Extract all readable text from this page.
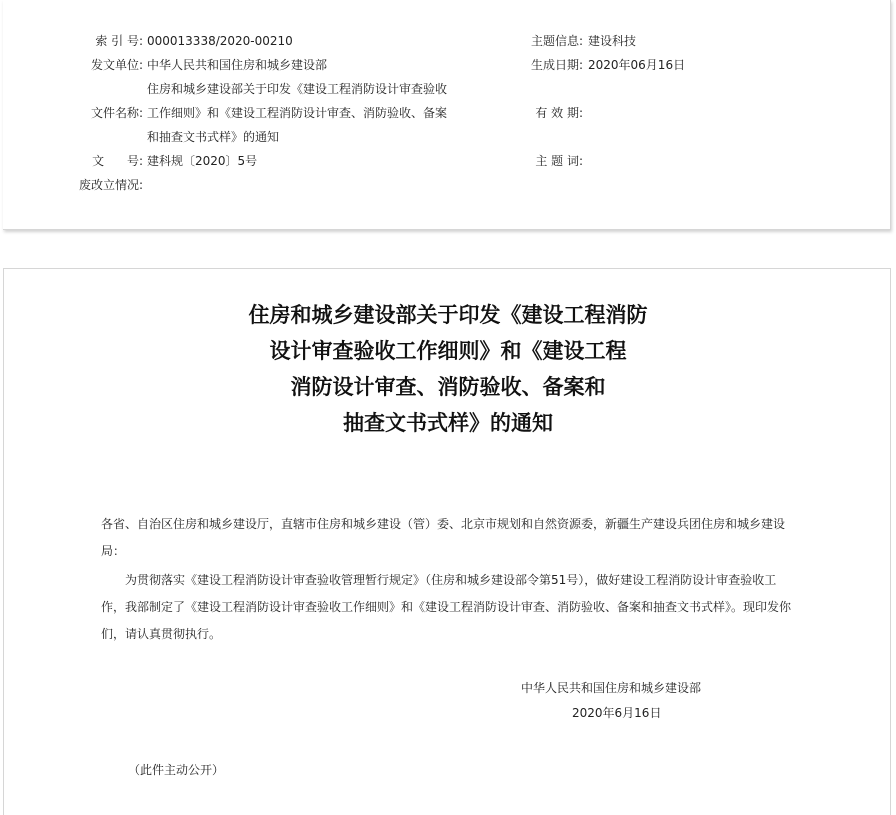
索 引 号: 000013338/2020-00210
发文单位: 中华人民共和国住房和城乡建设部
住房和城乡建设部关于印发《建设工程消防设计审查验收
文件名称: 工作细则》和《建设工程消防设计审查、消防验收、备案
和抽查文书式样》的通知
文      号: 建科规〔2020〕5号
废改立情况:
主题信息: 建设科技
生成日期: 2020年06月16日
有 效 期:
主 题 词:
住房和城乡建设部关于印发《建设工程消防
设计审查验收工作细则》和《建设工程
消防设计审查、消防验收、备案和
抽查文书式样》的通知
各省、自治区住房和城乡建设厅，直辖市住房和城乡建设（管）委、北京市规划和自然资源委，新疆生产建设兵团住房和城乡建设局：
为贯彻落实《建设工程消防设计审查验收管理暂行规定》（住房和城乡建设部令第51号），做好建设工程消防设计审查验收工作，我部制定了《建设工程消防设计审查验收工作细则》和《建设工程消防设计审查、消防验收、备案和抽查文书式样》。现印发你们，请认真贯彻执行。
中华人民共和国住房和城乡建设部
2020年6月16日
（此件主动公开）
